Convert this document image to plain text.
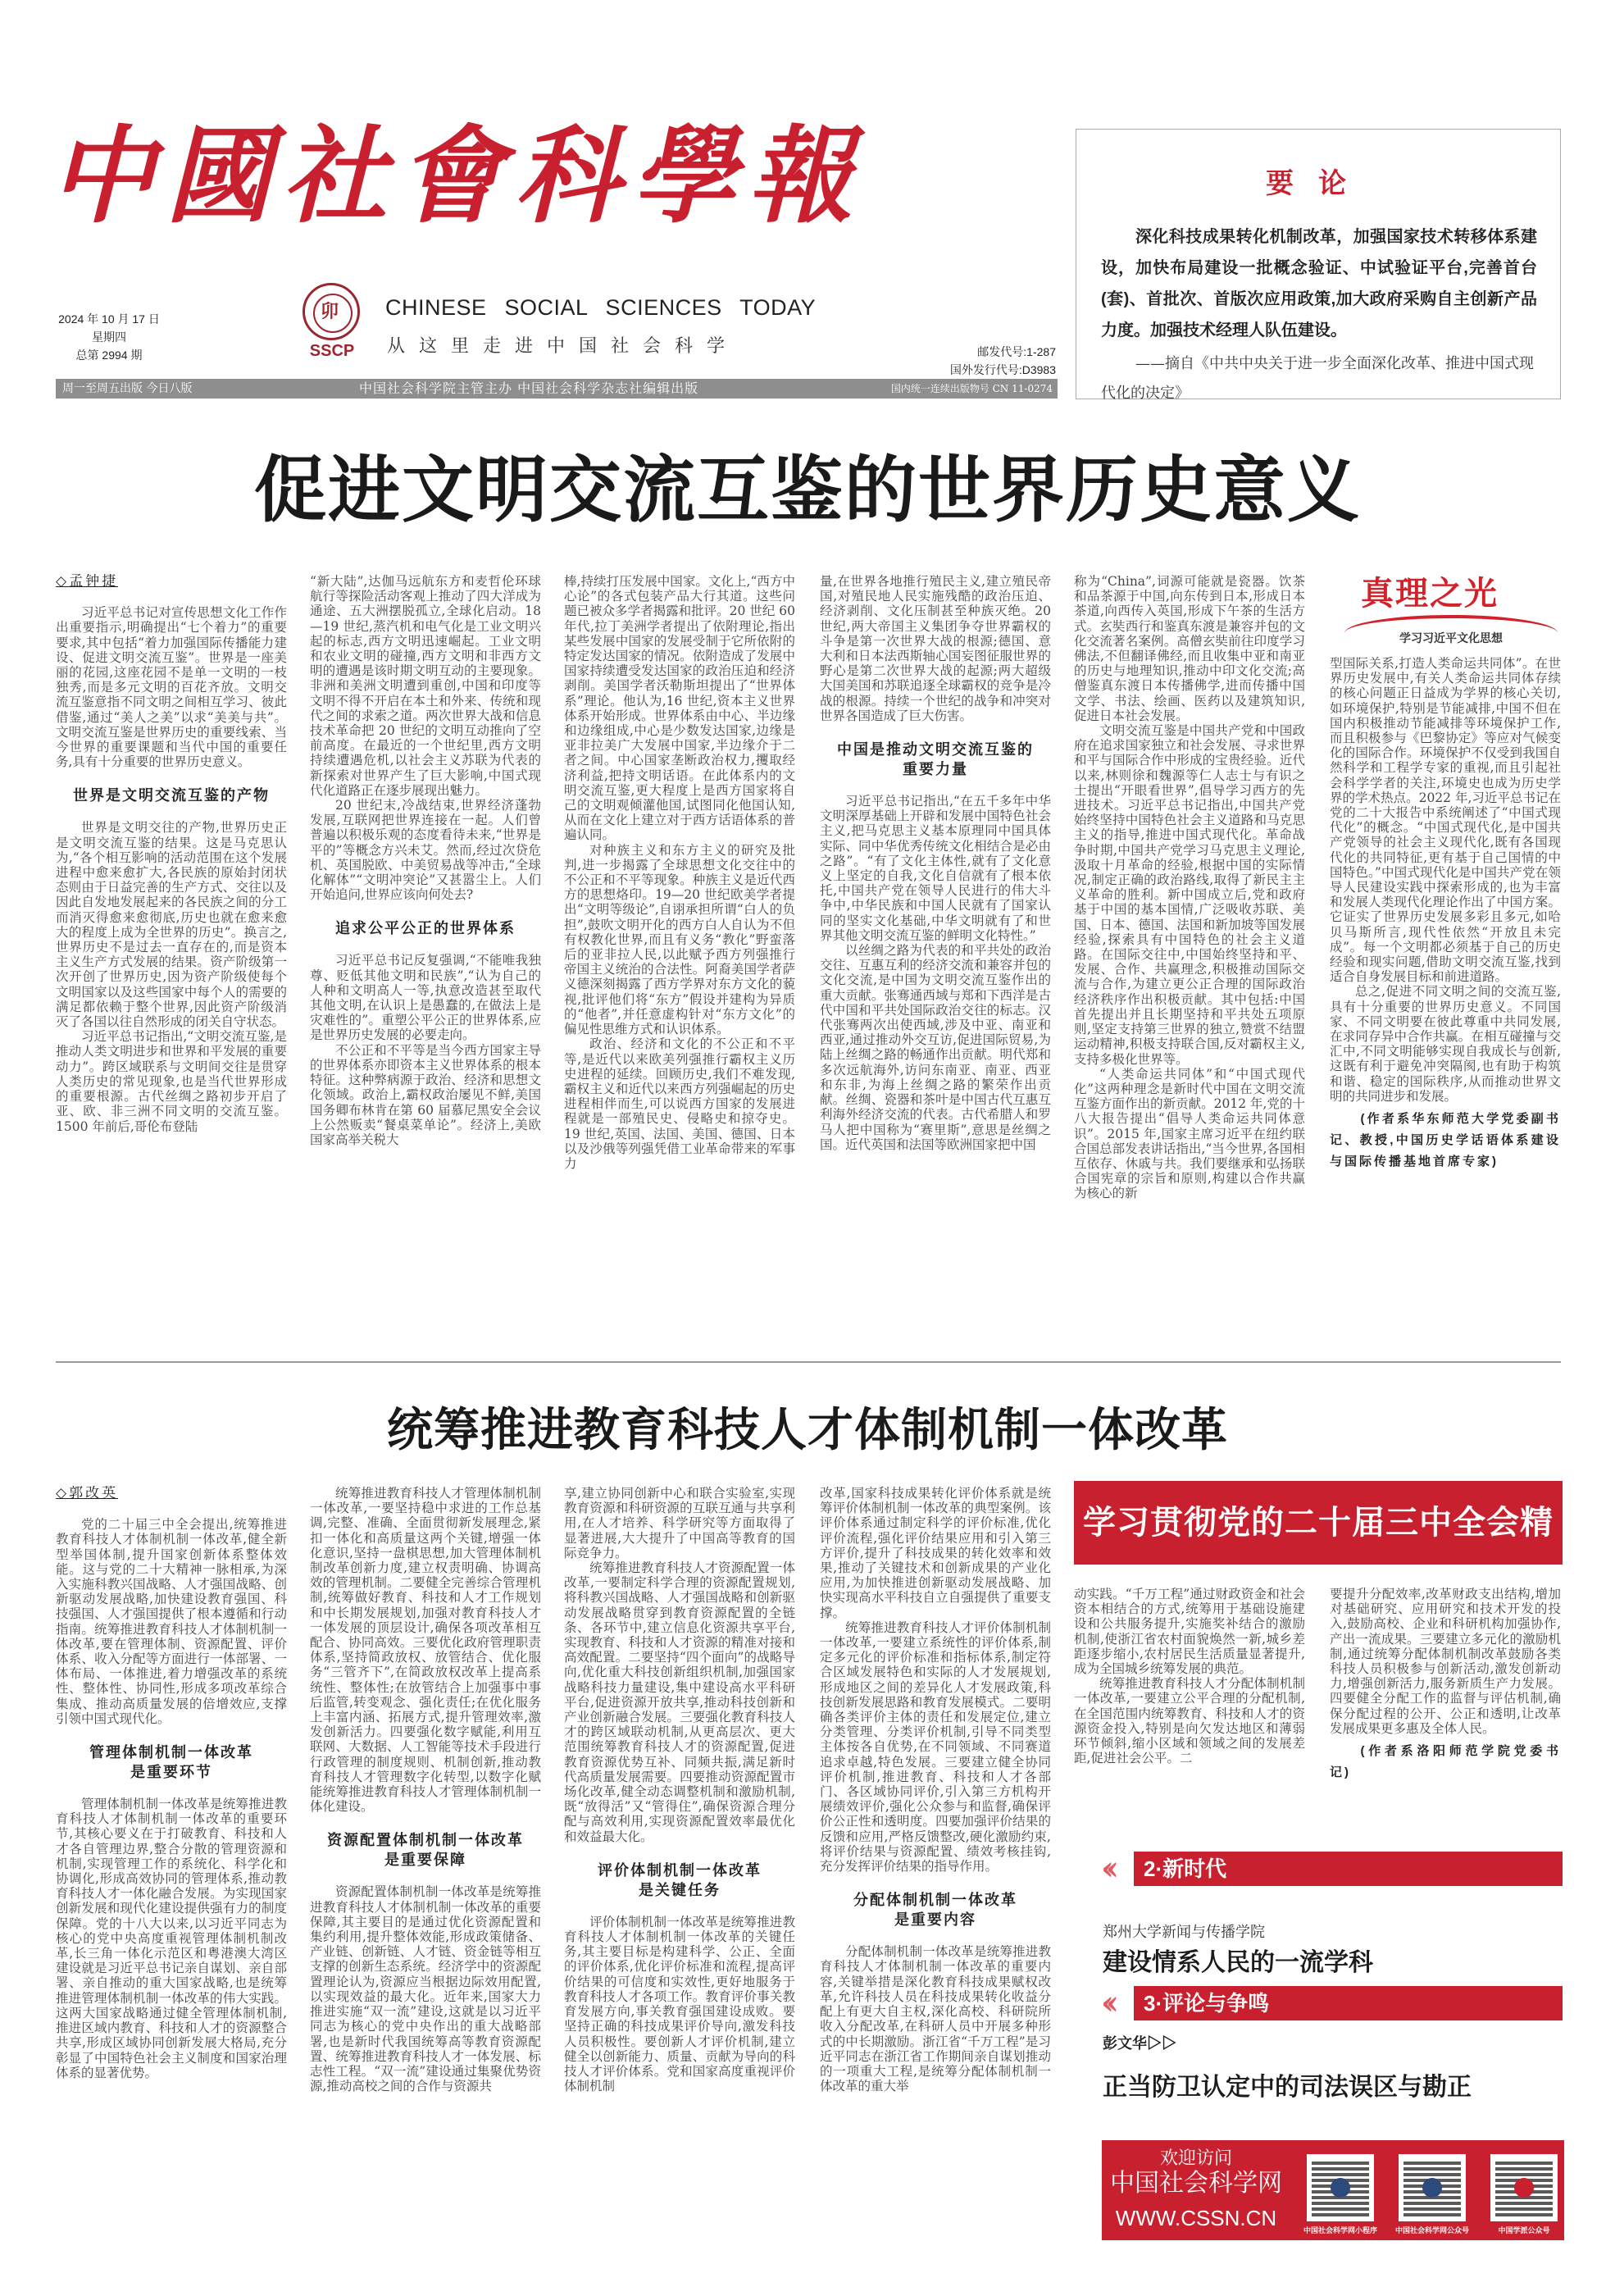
中國社會科學報
2024 年 10 月 17 日
星期四
总第 2994 期
卯
SSCP
CHINESE SOCIAL SCIENCES TODAY
从这里走进中国社会科学	邮发代号:1-287
国外发行代号:D3983
周一至周五出版 今日八版	中国社会科学院主管主办 中国社会科学杂志社编辑出版	国内统一连续出版物号 CN 11-0274
要论

深化科技成果转化机制改革，加强国家技术转移体系建设，加快布局建设一批概念验证、中试验证平台,完善首台(套)、首批次、首版次应用政策,加大政府采购自主创新产品力度。加强技术经理人队伍建设。

——摘自《中共中央关于进一步全面深化改革、推进中国式现代化的决定》
促进文明交流互鉴的世界历史意义
◇孟钟捷

习近平总书记对宣传思想文化工作作出重要指示,明确提出“七个着力”的重要要求,其中包括“着力加强国际传播能力建设、促进文明交流互鉴”。世界是一座美丽的花园,这座花园不是单一文明的一枝独秀,而是多元文明的百花齐放。文明交流互鉴意指不同文明之间相互学习、彼此借鉴,通过“美人之美”以求“美美与共”。文明交流互鉴是世界历史的重要线索、当今世界的重要课题和当代中国的重要任务,具有十分重要的世界历史意义。

世界是文明交流互鉴的产物

世界是文明交往的产物,世界历史正是文明交流互鉴的结果。这是马克思认为,“各个相互影响的活动范围在这个发展进程中愈来愈扩大,各民族的原始封闭状态则由于日益完善的生产方式、交往以及因此自发地发展起来的各民族之间的分工而消灭得愈来愈彻底,历史也就在愈来愈大的程度上成为全世界的历史”。换言之,世界历史不是过去一直存在的,而是资本主义生产方式发展的结果。资产阶级第一次开创了世界历史,因为资产阶级使每个文明国家以及这些国家中每个人的需要的满足都依赖于整个世界,因此资产阶级消灭了各国以往自然形成的闭关自守状态。

习近平总书记指出,“文明交流互鉴,是推动人类文明进步和世界和平发展的重要动力”。跨区域联系与文明间交往是贯穿人类历史的常见现象,也是当代世界形成的重要根源。古代丝绸之路初步开启了亚、欧、非三洲不同文明的交流互鉴。1500 年前后,哥伦布登陆

“新大陆”,达伽马远航东方和麦哲伦环球航行等探险活动客观上推动了四大洋成为通途、五大洲摆脱孤立,全球化启动。18—19 世纪,蒸汽机和电气化是工业文明兴起的标志,西方文明迅速崛起。工业文明和农业文明的碰撞,西方文明和非西方文明的遭遇是该时期文明互动的主要现象。非洲和美洲文明遭到重创,中国和印度等文明不得不开启在本土和外来、传统和现代之间的求索之道。两次世界大战和信息技术革命把 20 世纪的文明互动推向了空前高度。在最近的一个世纪里,西方文明持续遭遇危机,以社会主义苏联为代表的新探索对世界产生了巨大影响,中国式现代化道路正在逐步展现出魅力。

20 世纪末,冷战结束,世界经济蓬勃发展,互联网把世界连接在一起。人们曾普遍以积极乐观的态度看待未来,“世界是平的”等概念方兴未艾。然而,经过次贷危机、英国脱欧、中美贸易战等冲击,“全球化解体”“文明冲突论”又甚嚣尘上。人们开始追问,世界应该向何处去?

追求公平公正的世界体系

习近平总书记反复强调,“不能唯我独尊、贬低其他文明和民族”,“认为自己的人种和文明高人一等,执意改造甚至取代其他文明,在认识上是愚蠢的,在做法上是灾难性的”。重塑公平公正的世界体系,应是世界历史发展的必要走向。

不公正和不平等是当今西方国家主导的世界体系亦即资本主义世界体系的根本特征。这种弊病源于政治、经济和思想文化领域。政治上,霸权政治屡见不鲜,美国国务卿布林肯在第 60 届慕尼黑安全会议上公然贩卖“餐桌菜单论”。经济上,美欧国家高举关税大

棒,持续打压发展中国家。文化上,“西方中心论”的各式包装产品大行其道。这些问题已被众多学者揭露和批评。20 世纪 60 年代,拉丁美洲学者提出了依附理论,指出某些发展中国家的发展受制于它所依附的特定发达国家的情况。依附造成了发展中国家持续遭受发达国家的政治压迫和经济剥削。美国学者沃勒斯坦提出了“世界体系”理论。他认为,16 世纪,资本主义世界体系开始形成。世界体系由中心、半边缘和边缘组成,中心是少数发达国家,边缘是亚非拉美广大发展中国家,半边缘介于二者之间。中心国家垄断政治权力,攫取经济利益,把持文明话语。在此体系内的文明交流互鉴,更大程度上是西方国家将自己的文明观倾灌他国,试图同化他国认知,从而在文化上建立对于西方话语体系的普遍认同。

对种族主义和东方主义的研究及批判,进一步揭露了全球思想文化交往中的不公正和不平等现象。种族主义是近代西方的思想烙印。19—20 世纪欧美学者提出“文明等级论”,自诩承担所谓“白人的负担”,鼓吹文明开化的西方白人自认为不但有权教化世界,而且有义务“教化”野蛮落后的亚非拉人民,以此赋予西方列强推行帝国主义统治的合法性。阿裔美国学者萨义德深刻揭露了西方学界对东方文化的藐视,批评他们将“东方”假设并建构为异质的“他者”,并任意虚构针对“东方文化”的偏见性思维方式和认识体系。

政治、经济和文化的不公正和不平等,是近代以来欧美列强推行霸权主义历史进程的延续。回顾历史,我们不难发现,霸权主义和近代以来西方列强崛起的历史进程相伴而生,可以说西方国家的发展进程就是一部殖民史、侵略史和掠夺史。19 世纪,英国、法国、美国、德国、日本以及沙俄等列强凭借工业革命带来的军事力

量,在世界各地推行殖民主义,建立殖民帝国,对殖民地人民实施残酷的政治压迫、经济剥削、文化压制甚至种族灭绝。20 世纪,两大帝国主义集团争夺世界霸权的斗争是第一次世界大战的根源;德国、意大利和日本法西斯轴心国妄图征服世界的野心是第二次世界大战的起源;两大超级大国美国和苏联追逐全球霸权的竞争是冷战的根源。持续一个世纪的战争和冲突对世界各国造成了巨大伤害。

中国是推动文明交流互鉴的
重要力量

习近平总书记指出,“在五千多年中华文明深厚基础上开辟和发展中国特色社会主义,把马克思主义基本原理同中国具体实际、同中华优秀传统文化相结合是必由之路”。“有了文化主体性,就有了文化意义上坚定的自我,文化自信就有了根本依托,中国共产党在领导人民进行的伟大斗争中,中华民族和中国人民就有了国家认同的坚实文化基础,中华文明就有了和世界其他文明交流互鉴的鲜明文化特性。”

以丝绸之路为代表的和平共处的政治交往、互惠互利的经济交流和兼容并包的文化交流,是中国为文明交流互鉴作出的重大贡献。张骞通西域与郑和下西洋是古代中国和平共处国际政治交往的标志。汉代张骞两次出使西域,涉及中亚、南亚和西亚,通过推动外交互访,促进国际贸易,为陆上丝绸之路的畅通作出贡献。明代郑和多次远航海外,访问东南亚、南亚、西亚和东非,为海上丝绸之路的繁荣作出贡献。丝绸、瓷器和茶叶是中国古代互惠互利海外经济交流的代表。古代希腊人和罗马人把中国称为“赛里斯”,意思是丝绸之国。近代英国和法国等欧洲国家把中国

称为“China”,词源可能就是瓷器。饮茶和品茶源于中国,向东传到日本,形成日本茶道,向西传入英国,形成下午茶的生活方式。玄奘西行和鉴真东渡是兼容并包的文化交流著名案例。高僧玄奘前往印度学习佛法,不但翻译佛经,而且收集中亚和南亚的历史与地理知识,推动中印文化交流;高僧鉴真东渡日本传播佛学,进而传播中国文学、书法、绘画、医药以及建筑知识,促进日本社会发展。

文明交流互鉴是中国共产党和中国政府在追求国家独立和社会发展、寻求世界和平与国际合作中形成的宝贵经验。近代以来,林则徐和魏源等仁人志士与有识之士提出“开眼看世界”,倡导学习西方的先进技术。习近平总书记指出,中国共产党始终坚持中国特色社会主义道路和马克思主义的指导,推进中国式现代化。革命战争时期,中国共产党学习马克思主义理论,汲取十月革命的经验,根据中国的实际情况,制定正确的政治路线,取得了新民主主义革命的胜利。新中国成立后,党和政府基于中国的基本国情,广泛吸收苏联、美国、日本、德国、法国和新加坡等国发展经验,探索具有中国特色的社会主义道路。在国际交往中,中国始终坚持和平、发展、合作、共赢理念,积极推动国际交流与合作,为建立更公正合理的国际政治经济秩序作出积极贡献。其中包括:中国首先提出并且长期坚持和平共处五项原则,坚定支持第三世界的独立,赞赏不结盟运动精神,积极支持联合国,反对霸权主义,支持多极化世界等。

“人类命运共同体”和“中国式现代化”这两种理念是新时代中国在文明交流互鉴方面作出的新贡献。2012 年,党的十八大报告提出“倡导人类命运共同体意识”。2015 年,国家主席习近平在纽约联合国总部发表讲话指出,“当今世界,各国相互依存、休戚与共。我们要继承和弘扬联合国宪章的宗旨和原则,构建以合作共赢为核心的新

型国际关系,打造人类命运共同体”。在世界历史发展中,有关人类命运共同体存续的核心问题正日益成为学界的核心关切,如环境保护,特别是节能减排,中国不但在国内积极推动节能减排等环境保护工作,而且积极参与《巴黎协定》等应对气候变化的国际合作。环境保护不仅受到我国自然科学和工程学专家的重视,而且引起社会科学学者的关注,环境史也成为历史学界的学术热点。2022 年,习近平总书记在党的二十大报告中系统阐述了“中国式现代化”的概念。“中国式现代化,是中国共产党领导的社会主义现代化,既有各国现代化的共同特征,更有基于自己国情的中国特色。”中国式现代化是中国共产党在领导人民建设实践中探索形成的,也为丰富和发展人类现代化理论作出了中国方案。它证实了世界历史发展多彩且多元,如哈贝马斯所言,现代性依然“开放且未完成”。每一个文明都必须基于自己的历史经验和现实问题,借助文明交流互鉴,找到适合自身发展目标和前进道路。

总之,促进不同文明之间的交流互鉴,具有十分重要的世界历史意义。不同国家、不同文明要在彼此尊重中共同发展,在求同存异中合作共赢。在相互碰撞与交汇中,不同文明能够实现自我成长与创新,这既有利于避免冲突隔阂,也有助于构筑和谐、稳定的国际秩序,从而推动世界文明的共同进步和发展。

(作者系华东师范大学党委副书记、教授,中国历史学话语体系建设与国际传播基地首席专家)
真理之光
学习习近平文化思想
统筹推进教育科技人才体制机制一体改革
◇郭改英

党的二十届三中全会提出,统筹推进教育科技人才体制机制一体改革,健全新型举国体制,提升国家创新体系整体效能。这与党的二十大精神一脉相承,为深入实施科教兴国战略、人才强国战略、创新驱动发展战略,加快建设教育强国、科技强国、人才强国提供了根本遵循和行动指南。统筹推进教育科技人才体制机制一体改革,要在管理体制、资源配置、评价体系、收入分配等方面进行一体部署、一体布局、一体推进,着力增强改革的系统性、整体性、协同性,形成多项改革综合集成、推动高质量发展的倍增效应,支撑引领中国式现代化。

管理体制机制一体改革
是重要环节

管理体制机制一体改革是统筹推进教育科技人才体制机制一体改革的重要环节,其核心要义在于打破教育、科技和人才各自管理边界,整合分散的管理资源和机制,实现管理工作的系统化、科学化和协调化,形成高效协同的管理体系,推动教育科技人才一体化融合发展。为实现国家创新发展和现代化建设提供强有力的制度保障。党的十八大以来,以习近平同志为核心的党中央高度重视管理体制机制改革,长三角一体化示范区和粤港澳大湾区建设就是习近平总书记亲自谋划、亲自部署、亲自推动的重大国家战略,也是统筹推进管理体制机制一体改革的伟大实践。这两大国家战略通过健全管理体制机制,推进区域内教育、科技和人才的资源整合共享,形成区域协同创新发展大格局,充分彰显了中国特色社会主义制度和国家治理体系的显著优势。

统筹推进教育科技人才管理体制机制一体改革,一要坚持稳中求进的工作总基调,完整、准确、全面贯彻新发展理念,紧扣一体化和高质量这两个关键,增强一体化意识,坚持一盘棋思想,加大管理体制机制改革创新力度,建立权责明确、协调高效的管理机制。二要健全完善综合管理机制,统筹做好教育、科技和人才工作规划和中长期发展规划,加强对教育科技人才一体发展的顶层设计,确保各项改革相互配合、协同高效。三要优化政府管理职责体系,坚持简政放权、放管结合、优化服务“三管齐下”,在简政放权改革上提高系统性、整体性;在放管结合上加强事中事后监管,转变观念、强化责任;在优化服务上丰富内涵、拓展方式,提升管理效率,激发创新活力。四要强化数字赋能,利用互联网、大数据、人工智能等技术手段进行行政管理的制度规则、机制创新,推动教育科技人才管理数字化转型,以数字化赋能统筹推进教育科技人才管理体制机制一体化建设。

资源配置体制机制一体改革
是重要保障

资源配置体制机制一体改革是统筹推进教育科技人才体制机制一体改革的重要保障,其主要目的是通过优化资源配置和集约利用,提升整体效能,形成政策储备、产业链、创新链、人才链、资金链等相互支撑的创新生态系统。经济学中的资源配置理论认为,资源应当根据边际效用配置,以实现效益的最大化。近年来,国家大力推进实施“双一流”建设,这就是以习近平同志为核心的党中央作出的重大战略部署,也是新时代我国统筹高等教育资源配置、统筹推进教育科技人才一体发展、标志性工程。“双一流”建设通过集聚优势资源,推动高校之间的合作与资源共

享,建立协同创新中心和联合实验室,实现教育资源和科研资源的互联互通与共享利用,在人才培养、科学研究等方面取得了显著进展,大大提升了中国高等教育的国际竞争力。

统筹推进教育科技人才资源配置一体改革,一要制定科学合理的资源配置规划,将科教兴国战略、人才强国战略和创新驱动发展战略贯穿到教育资源配置的全链条、各环节中,建立信息化资源共享平台,实现教育、科技和人才资源的精准对接和高效配置。二要坚持“四个面向”的战略导向,优化重大科技创新组织机制,加强国家战略科技力量建设,集中建设高水平科研平台,促进资源开放共享,推动科技创新和产业创新融合发展。三要强化教育科技人才的跨区域联动机制,从更高层次、更大范围统筹教育科技人才的资源配置,促进教育资源优势互补、同频共振,满足新时代高质量发展需要。四要推动资源配置市场化改革,健全动态调整机制和激励机制,既“放得活”又“管得住”,确保资源合理分配与高效利用,实现资源配置效率最优化和效益最大化。

评价体制机制一体改革
是关键任务

评价体制机制一体改革是统筹推进教育科技人才体制机制一体改革的关键任务,其主要目标是构建科学、公正、全面的评价体系,优化评价标准和流程,提高评价结果的可信度和实效性,更好地服务于教育科技人才各项工作。教育评价事关教育发展方向,事关教育强国建设成败。要坚持正确的科技成果评价导向,激发科技人员积极性。要创新人才评价机制,建立健全以创新能力、质量、贡献为导向的科技人才评价体系。党和国家高度重视评价体制机制

改革,国家科技成果转化评价体系就是统筹评价体制机制一体改革的典型案例。该评价体系通过制定科学的评价标准,优化评价流程,强化评价结果应用和引入第三方评价,提升了科技成果的转化效率和效果,推动了关键技术和创新成果的产业化应用,为加快推进创新驱动发展战略、加快实现高水平科技自立自强提供了重要支撑。

统筹推进教育科技人才评价体制机制一体改革,一要建立系统性的评价体系,制定多元化的评价标准和指标体系,制定符合区域发展特色和实际的人才发展规划,形成地区之间的差异化人才发展政策,科技创新发展思路和教育发展模式。二要明确各类评价主体的责任和发展定位,建立分类管理、分类评价机制,引导不同类型主体按各自优势,在不同领域、不同赛道追求卓越,特色发展。三要建立健全协同评价机制,推进教育、科技和人才各部门、各区域协同评价,引入第三方机构开展绩效评价,强化公众参与和监督,确保评价公正性和透明度。四要加强评价结果的反馈和应用,严格反馈整改,硬化激励约束,将评价结果与资源配置、绩效考核挂钩,充分发挥评价结果的指导作用。

分配体制机制一体改革
是重要内容

分配体制机制一体改革是统筹推进教育科技人才体制机制一体改革的重要内容,关键举措是深化教育科技成果赋权改革,允许科技人员在科技成果转化收益分配上有更大自主权,深化高校、科研院所收入分配改革,在科研人员中开展多种形式的中长期激励。浙江省“千万工程”是习近平同志在浙江省工作期间亲自谋划推动的一项重大工程,是统筹分配体制机制一体改革的重大举

动实践。“千万工程”通过财政资金和社会资本相结合的方式,统筹用于基础设施建设和公共服务提升,实施奖补结合的激励机制,使浙江省农村面貌焕然一新,城乡差距逐步缩小,农村居民生活质量显著提升,成为全国城乡统筹发展的典范。

统筹推进教育科技人才分配体制机制一体改革,一要建立公平合理的分配机制,在全国范围内统筹教育、科技和人才的资源资金投入,特别是向欠发达地区和薄弱环节倾斜,缩小区域和领域之间的发展差距,促进社会公平。二

要提升分配效率,改革财政支出结构,增加对基础研究、应用研究和技术开发的投入,鼓励高校、企业和科研机构加强协作,产出一流成果。三要建立多元化的激励机制,通过统筹分配体制机制改革鼓励各类科技人员积极参与创新活动,激发创新动力,增强创新活力,服务新质生产力发展。四要健全分配工作的监督与评估机制,确保分配过程的公开、公正和透明,让改革发展成果更多惠及全体人民。

(作者系洛阳师范学院党委书记)
学习贯彻党的二十届三中全会精神
‹‹	2·新时代
郑州大学新闻与传播学院
建设情系人民的一流学科
‹‹	3·评论与争鸣
彭文华▷▷
正当防卫认定中的司法误区与勘正
欢迎访问
中国社会科学网
WWW.CSSN.CN	中国社会科学网小程序	中国社会科学网公众号	中国学派公众号
